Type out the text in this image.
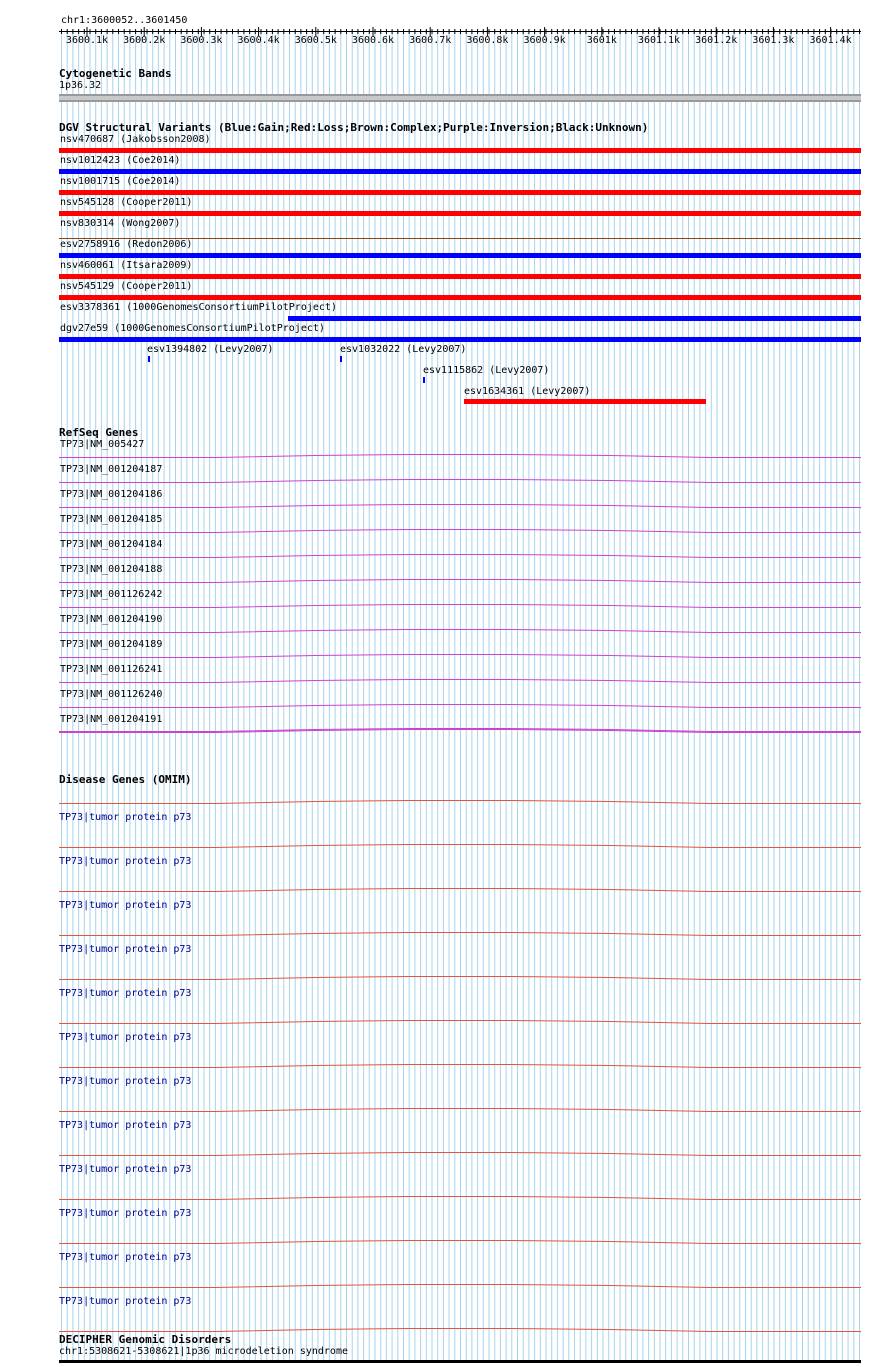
chr1:3600052..3601450
3600.1k 3600.2k 3600.3k 3600.4k 3600.5k 3600.6k 3600.7k 3600.8k 3600.9k 3601k 3601.1k 3601.2k 3601.3k 3601.4k
Cytogenetic Bands
1p36.32
DGV Structural Variants (Blue:Gain;Red:Loss;Brown:Complex;Purple:Inversion;Black:Unknown)
nsv470687 (Jakobsson2008)
nsv1012423 (Coe2014)
nsv1001715 (Coe2014)
nsv545128 (Cooper2011)
nsv830314 (Wong2007)
esv2758916 (Redon2006)
nsv460061 (Itsara2009)
nsv545129 (Cooper2011)
esv3378361 (1000GenomesConsortiumPilotProject)
dgv27e59 (1000GenomesConsortiumPilotProject)
esv1394802 (Levy2007)	esv1032022 (Levy2007)
esv1115862 (Levy2007)
esv1634361 (Levy2007)
RefSeq Genes
TP73|NM_005427
TP73|NM_001204187
TP73|NM_001204186
TP73|NM_001204185
TP73|NM_001204184
TP73|NM_001204188
TP73|NM_001126242
TP73|NM_001204190
TP73|NM_001204189
TP73|NM_001126241
TP73|NM_001126240
TP73|NM_001204191
Disease Genes (OMIM)
TP73|tumor protein p73
TP73|tumor protein p73
TP73|tumor protein p73
TP73|tumor protein p73
TP73|tumor protein p73
TP73|tumor protein p73
TP73|tumor protein p73
TP73|tumor protein p73
TP73|tumor protein p73
TP73|tumor protein p73
TP73|tumor protein p73
TP73|tumor protein p73
DECIPHER Genomic Disorders
chr1:5308621-5308621|1p36 microdeletion syndrome
